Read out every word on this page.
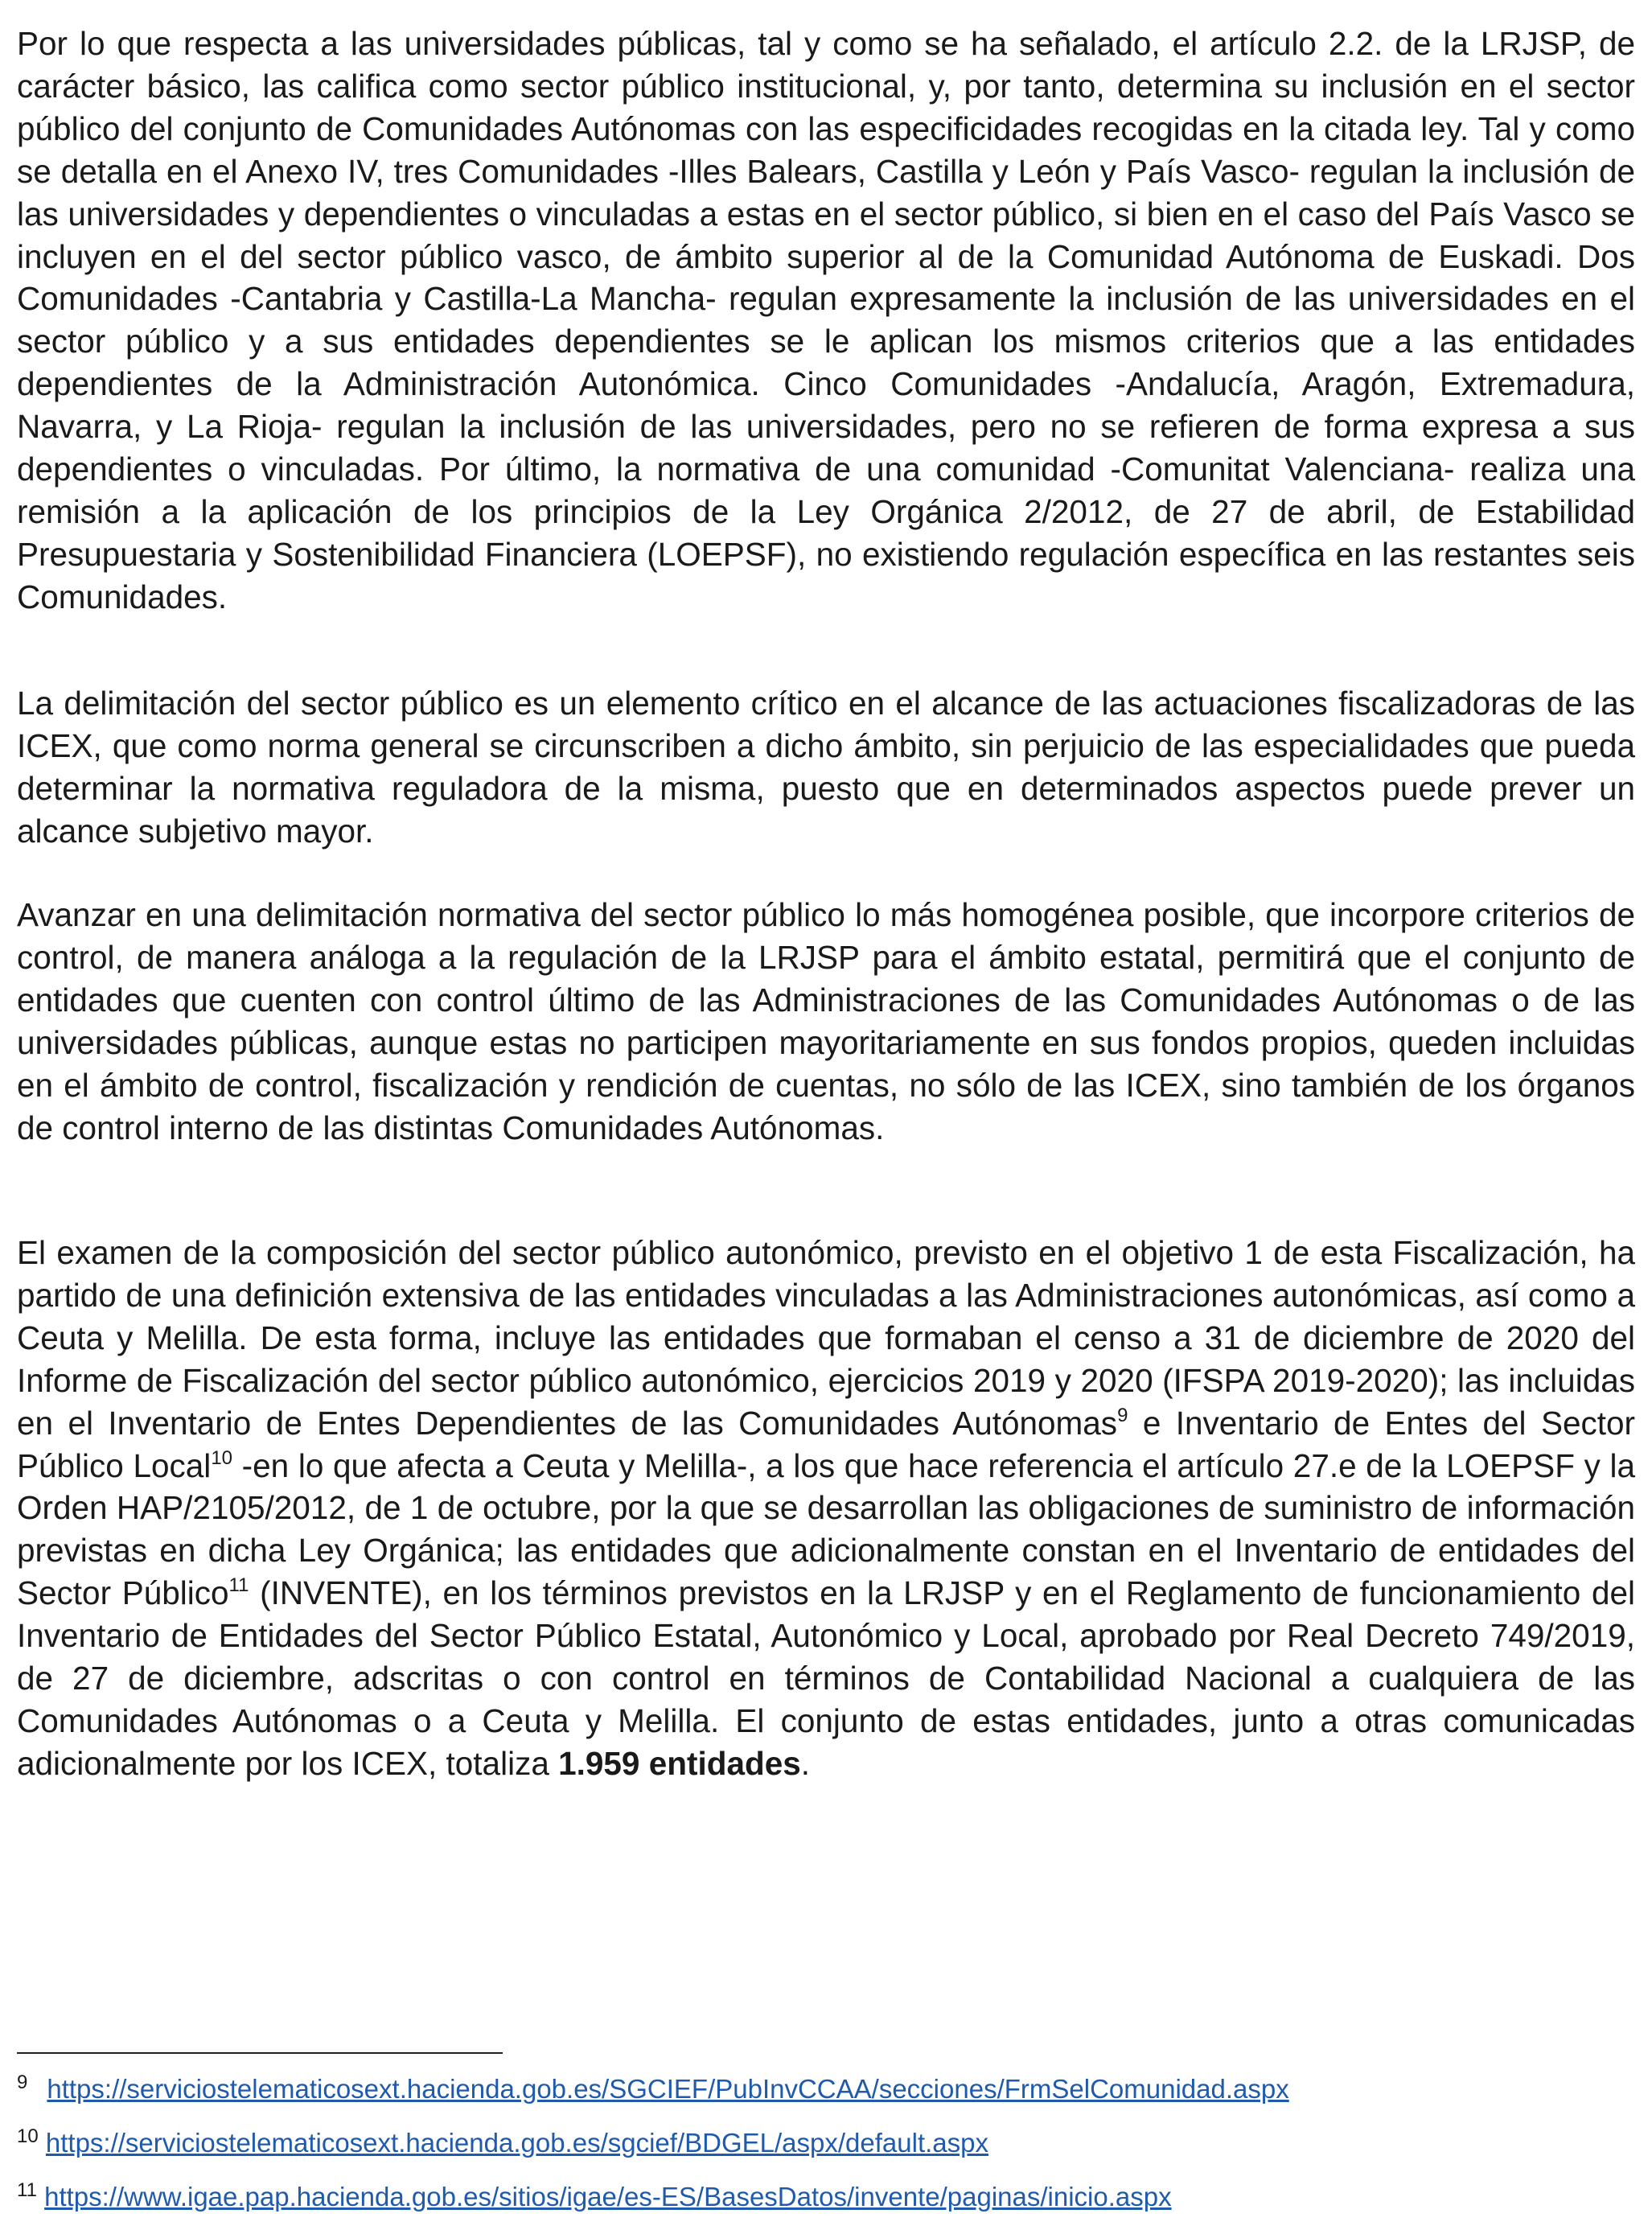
Por lo que respecta a las universidades públicas, tal y como se ha señalado, el artículo 2.2. de la LRJSP, de carácter básico, las califica como sector público institucional, y, por tanto, determina su inclusión en el sector público del conjunto de Comunidades Autónomas con las especificidades recogidas en la citada ley. Tal y como se detalla en el Anexo IV, tres Comunidades -Illes Balears, Castilla y León y País Vasco- regulan la inclusión de las universidades y dependientes o vinculadas a estas en el sector público, si bien en el caso del País Vasco se incluyen en el del sector público vasco, de ámbito superior al de la Comunidad Autónoma de Euskadi. Dos Comunidades -Cantabria y Castilla-La Mancha- regulan expresamente la inclusión de las universidades en el sector público y a sus entidades dependientes se le aplican los mismos criterios que a las entidades dependientes de la Administración Autonómica. Cinco Comunidades -Andalucía, Aragón, Extremadura, Navarra, y La Rioja- regulan la inclusión de las universidades, pero no se refieren de forma expresa a sus dependientes o vinculadas. Por último, la normativa de una comunidad -Comunitat Valenciana- realiza una remisión a la aplicación de los principios de la Ley Orgánica 2/2012, de 27 de abril, de Estabilidad Presupuestaria y Sostenibilidad Financiera (LOEPSF), no existiendo regulación específica en las restantes seis Comunidades.

La delimitación del sector público es un elemento crítico en el alcance de las actuaciones fiscalizadoras de las ICEX, que como norma general se circunscriben a dicho ámbito, sin perjuicio de las especialidades que pueda determinar la normativa reguladora de la misma, puesto que en determinados aspectos puede prever un alcance subjetivo mayor.

Avanzar en una delimitación normativa del sector público lo más homogénea posible, que incorpore criterios de control, de manera análoga a la regulación de la LRJSP para el ámbito estatal, permitirá que el conjunto de entidades que cuenten con control último de las Administraciones de las Comunidades Autónomas o de las universidades públicas, aunque estas no participen mayoritariamente en sus fondos propios, queden incluidas en el ámbito de control, fiscalización y rendición de cuentas, no sólo de las ICEX, sino también de los órganos de control interno de las distintas Comunidades Autónomas.

El examen de la composición del sector público autonómico, previsto en el objetivo 1 de esta Fiscalización, ha partido de una definición extensiva de las entidades vinculadas a las Administraciones autonómicas, así como a Ceuta y Melilla. De esta forma, incluye las entidades que formaban el censo a 31 de diciembre de 2020 del Informe de Fiscalización del sector público autonómico, ejercicios 2019 y 2020 (IFSPA 2019-2020); las incluidas en el Inventario de Entes Dependientes de las Comunidades Autónomas$^9$ e Inventario de Entes del Sector Público Local$^{10}$ -en lo que afecta a Ceuta y Melilla-, a los que hace referencia el artículo 27.e de la LOEPSF y la Orden HAP/2105/2012, de 1 de octubre, por la que se desarrollan las obligaciones de suministro de información previstas en dicha Ley Orgánica; las entidades que adicionalmente constan en el Inventario de entidades del Sector Público$^{11}$ (INVENTE), en los términos previstos en la LRJSP y en el Reglamento de funcionamiento del Inventario de Entidades del Sector Público Estatal, Autonómico y Local, aprobado por Real Decreto 749/2019, de 27 de diciembre, adscritas o con control en términos de Contabilidad Nacional a cualquiera de las Comunidades Autónomas o a Ceuta y Melilla. El conjunto de estas entidades, junto a otras comunicadas adicionalmente por los ICEX, totaliza 1.959 entidades.

$^9$ https://serviciostelematicosext.hacienda.gob.es/SGCIEF/PubInvCCAA/secciones/FrmSelComunidad.aspx
$^{10}$ https://serviciostelematicosext.hacienda.gob.es/sgcief/BDGEL/aspx/default.aspx
$^{11}$ https://www.igae.pap.hacienda.gob.es/sitios/igae/es-ES/BasesDatos/invente/paginas/inicio.aspx
